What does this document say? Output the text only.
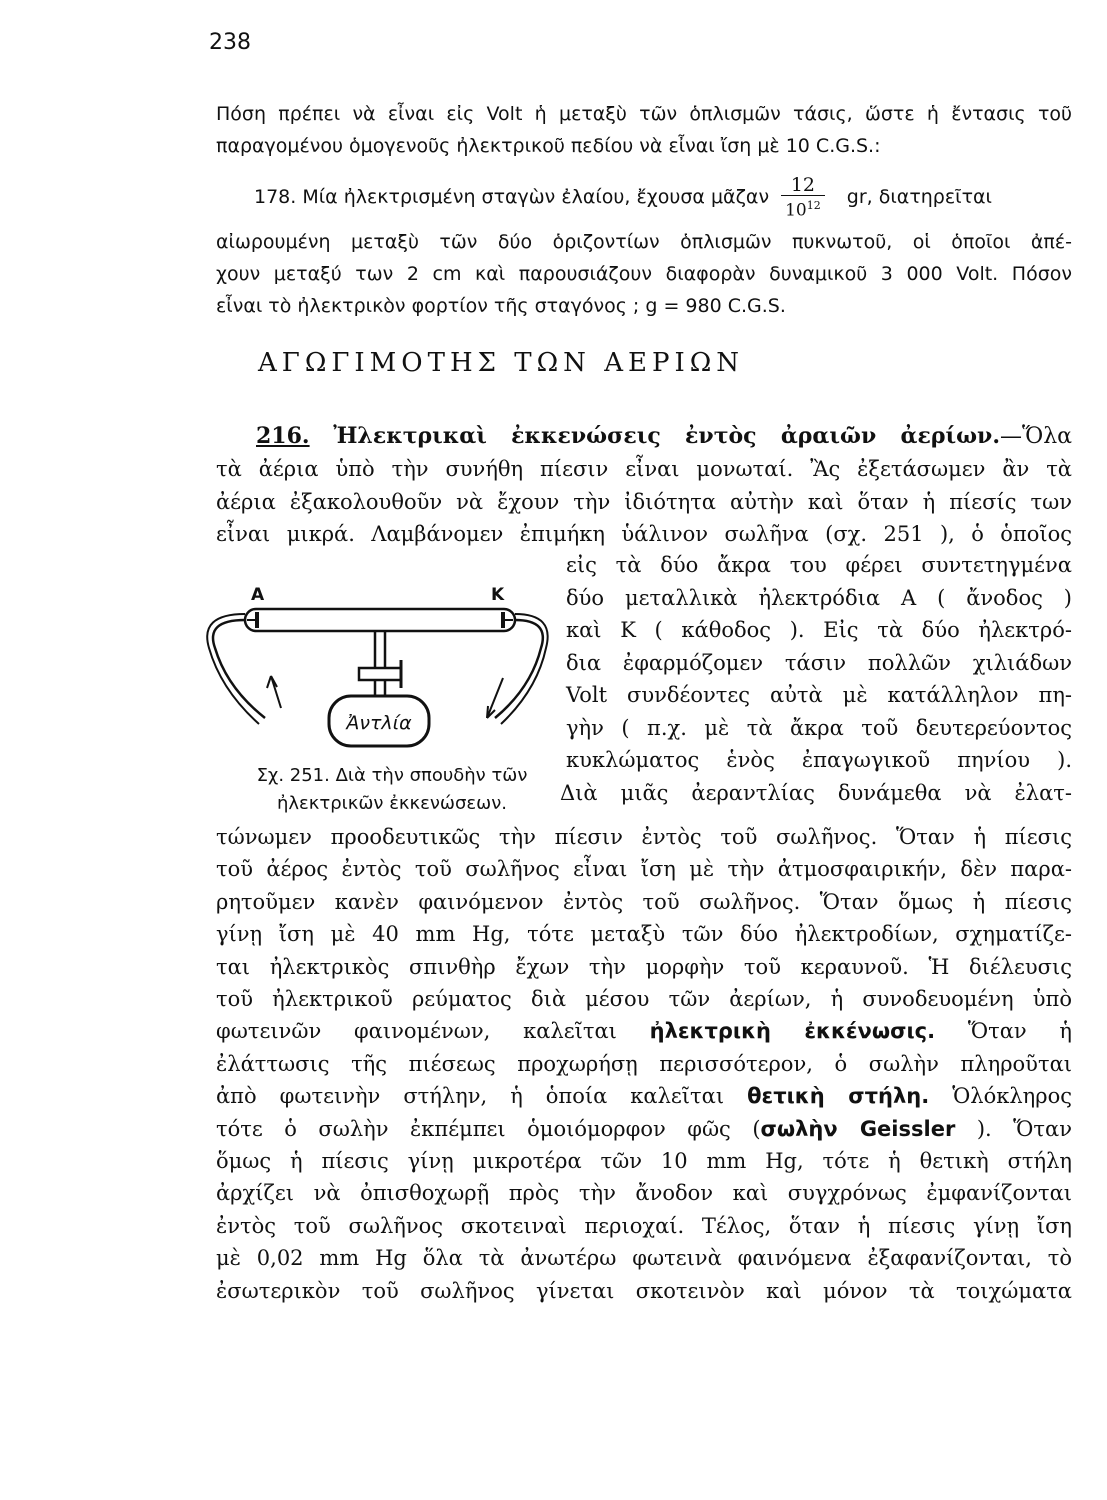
238
Πόση πρέπει νὰ εἶναι εἰς Volt ἡ μεταξὺ τῶν ὁπλισμῶν τάσις, ὥστε ἡ ἔντασις τοῦ
παραγομένου ὁμογενοῦς ἠλεκτρικοῦ πεδίου νὰ εἶναι ἴση μὲ 10 C.G.S.:
178. Μία ἠλεκτρισμένη σταγὼν ἐλαίου, ἔχουσα μᾶζαν $\frac{12}{10^{12}}$ gr, διατηρεῖται
αἰωρουμένη μεταξὺ τῶν δύο ὁριζοντίων ὁπλισμῶν πυκνωτοῦ, οἱ ὁποῖοι ἀπέ-
χουν μεταξύ των 2 cm καὶ παρουσιάζουν διαφορὰν δυναμικοῦ 3 000 Volt. Πόσον
εἶναι τὸ ἠλεκτρικὸν φορτίον τῆς σταγόνος ; g = 980 C.G.S.
ΑΓΩΓΙΜΟΤΗΣ ΤΩΝ ΑΕΡΙΩΝ
216. Ἠλεκτρικαὶ ἐκκενώσεις ἐντὸς ἀραιῶν ἀερίων.—Ὅλα
τὰ ἀέρια ὑπὸ τὴν συνήθη πίεσιν εἶναι μονωταί. Ἂς ἐξετάσωμεν ἂν τὰ
ἀέρια ἐξακολουθοῦν νὰ ἔχουν τὴν ἰδιότητα αὐτὴν καὶ ὅταν ἡ πίεσίς των
εἶναι μικρά. Λαμβάνομεν ἐπιμήκη ὑάλινον σωλῆνα (σχ. 251 ), ὁ ὁποῖος
εἰς τὰ δύο ἄκρα του φέρει συντετηγμένα
δύο μεταλλικὰ ἠλεκτρόδια Α ( ἄνοδος )
καὶ Κ ( κάθοδος ). Εἰς τὰ δύο ἠλεκτρό-
δια ἐφαρμόζομεν τάσιν πολλῶν χιλιάδων
Volt συνδέοντες αὐτὰ μὲ κατάλληλον πη-
γὴν ( π.χ. μὲ τὰ ἄκρα τοῦ δευτερεύοντος
κυκλώματος ἑνὸς ἐπαγωγικοῦ πηνίου ).
Διὰ μιᾶς ἀεραντλίας δυνάμεθα νὰ ἐλατ-
Α	Κ
Ἀντλία
Σχ. 251. Διὰ τὴν σπουδὴν τῶν
ἠλεκτρικῶν ἐκκενώσεων.
τώνωμεν προοδευτικῶς τὴν πίεσιν ἐντὸς τοῦ σωλῆνος. Ὅταν ἡ πίεσις
τοῦ ἀέρος ἐντὸς τοῦ σωλῆνος εἶναι ἴση μὲ τὴν ἀτμοσφαιρικήν, δὲν παρα-
ρητοῦμεν κανὲν φαινόμενον ἐντὸς τοῦ σωλῆνος. Ὅταν ὅμως ἡ πίεσις
γίνῃ ἴση μὲ 40 mm Hg, τότε μεταξὺ τῶν δύο ἠλεκτροδίων, σχηματίζε-
ται ἠλεκτρικὸς σπινθὴρ ἔχων τὴν μορφὴν τοῦ κεραυνοῦ. Ἡ διέλευσις
τοῦ ἠλεκτρικοῦ ρεύματος διὰ μέσου τῶν ἀερίων, ἡ συνοδευομένη ὑπὸ
φωτεινῶν φαινομένων, καλεῖται ἠλεκτρικὴ ἐκκένωσις. Ὅταν ἡ
ἐλάττωσις τῆς πιέσεως προχωρήσῃ περισσότερον, ὁ σωλὴν πληροῦται
ἀπὸ φωτεινὴν στήλην, ἡ ὁποία καλεῖται θετικὴ στήλη. Ὁλόκληρος
τότε ὁ σωλὴν ἐκπέμπει ὁμοιόμορφον φῶς (σωλὴν Geissler ). Ὅταν
ὅμως ἡ πίεσις γίνῃ μικροτέρα τῶν 10 mm Hg, τότε ἡ θετικὴ στήλη
ἀρχίζει νὰ ὀπισθοχωρῇ πρὸς τὴν ἄνοδον καὶ συγχρόνως ἐμφανίζονται
ἐντὸς τοῦ σωλῆνος σκοτειναὶ περιοχαί. Τέλος, ὅταν ἡ πίεσις γίνῃ ἴση
μὲ 0,02 mm Hg ὅλα τὰ ἀνωτέρω φωτεινὰ φαινόμενα ἐξαφανίζονται, τὸ
ἐσωτερικὸν τοῦ σωλῆνος γίνεται σκοτεινὸν καὶ μόνον τὰ τοιχώματα
